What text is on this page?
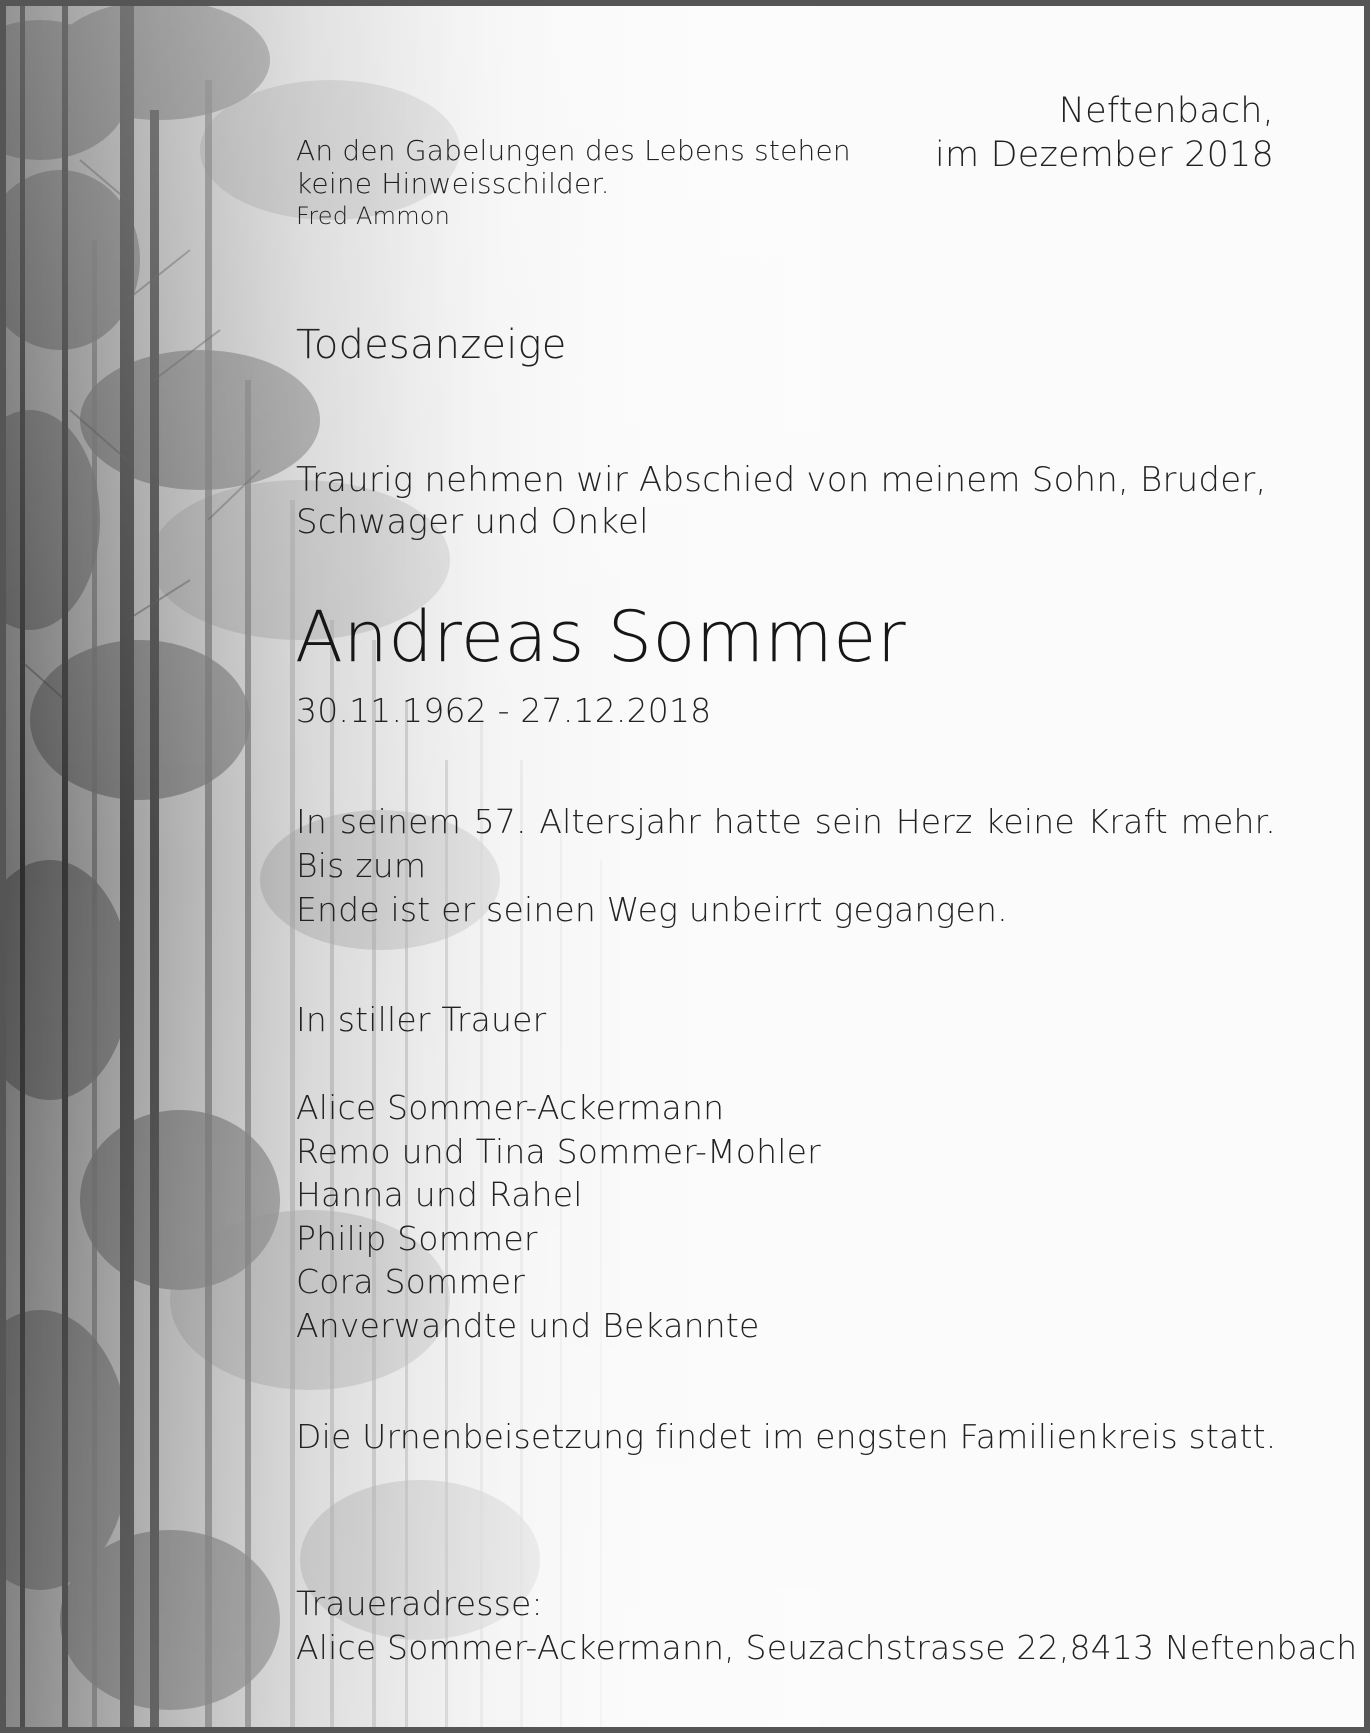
An den Gabelungen des Lebens stehen
keine Hinweisschilder.
Fred Ammon
Neftenbach,
im Dezember 2018
Todesanzeige
Traurig nehmen wir Abschied von meinem Sohn, Bruder,
Schwager und Onkel
Andreas Sommer
30.11.1962 - 27.12.2018
In seinem 57. Altersjahr hatte sein Herz keine Kraft mehr. Bis zum
Ende ist er seinen Weg unbeirrt gegangen.
In stiller Trauer
Alice Sommer-Ackermann
Remo und Tina Sommer-Mohler
Hanna und Rahel
Philip Sommer
Cora Sommer
Anverwandte und Bekannte
Die Urnenbeisetzung findet im engsten Familienkreis statt.
Traueradresse:
Alice Sommer-Ackermann, Seuzachstrasse 22,8413 Neftenbach
